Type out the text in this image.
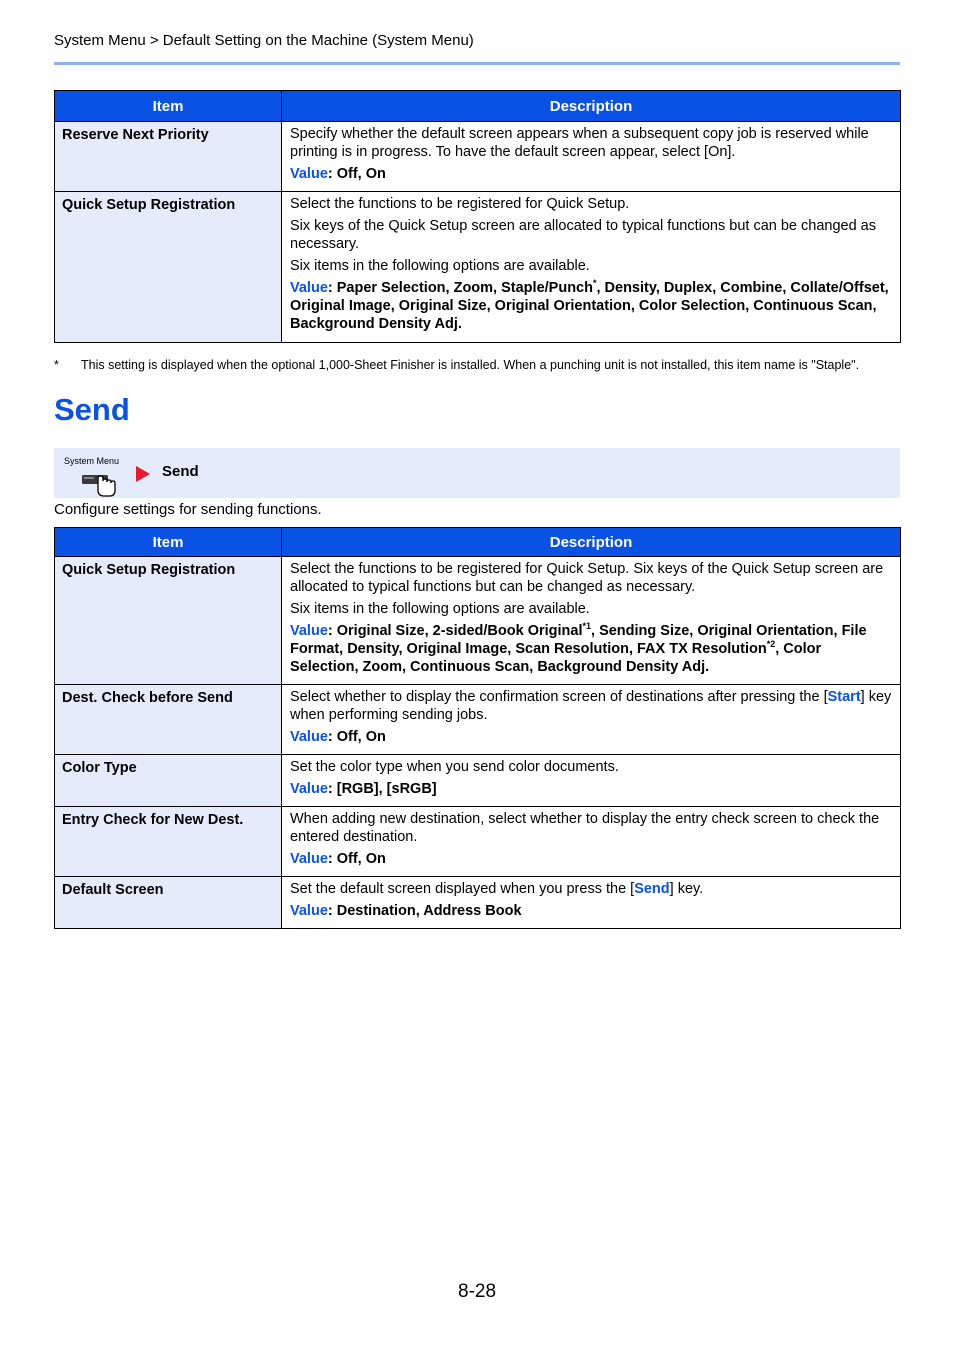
System Menu > Default Setting on the Machine (System Menu)
Item	Description
Reserve Next Priority	Specify whether the default screen appears when a subsequent copy job is reserved while printing is in progress. To have the default screen appear, select [On].

Value: Off, On

Quick Setup Registration	Select the functions to be registered for Quick Setup.

Six keys of the Quick Setup screen are allocated to typical functions but can be changed as necessary.

Six items in the following options are available.

Value: Paper Selection, Zoom, Staple/Punch*, Density, Duplex, Combine, Collate/Offset, Original Image, Original Size, Original Orientation, Color Selection, Continuous Scan, Background Density Adj.

* This setting is displayed when the optional 1,000-Sheet Finisher is installed. When a punching unit is not installed, this item name is "Staple".
Send
System Menu
Send
Configure settings for sending functions.
Item	Description
Quick Setup Registration	Select the functions to be registered for Quick Setup. Six keys of the Quick Setup screen are allocated to typical functions but can be changed as necessary.

Six items in the following options are available.

Value: Original Size, 2-sided/Book Original$^{*1}$, Sending Size, Original Orientation, File Format, Density, Original Image, Scan Resolution, FAX TX Resolution$^{*2}$, Color Selection, Zoom, Continuous Scan, Background Density Adj.

Dest. Check before Send	Select whether to display the confirmation screen of destinations after pressing the [Start] key when performing sending jobs.

Value: Off, On

Color Type	Set the color type when you send color documents.

Value: [RGB], [sRGB]

Entry Check for New Dest.	When adding new destination, select whether to display the entry check screen to check the entered destination.

Value: Off, On

Default Screen	Set the default screen displayed when you press the [Send] key.

Value: Destination, Address Book

8-28
